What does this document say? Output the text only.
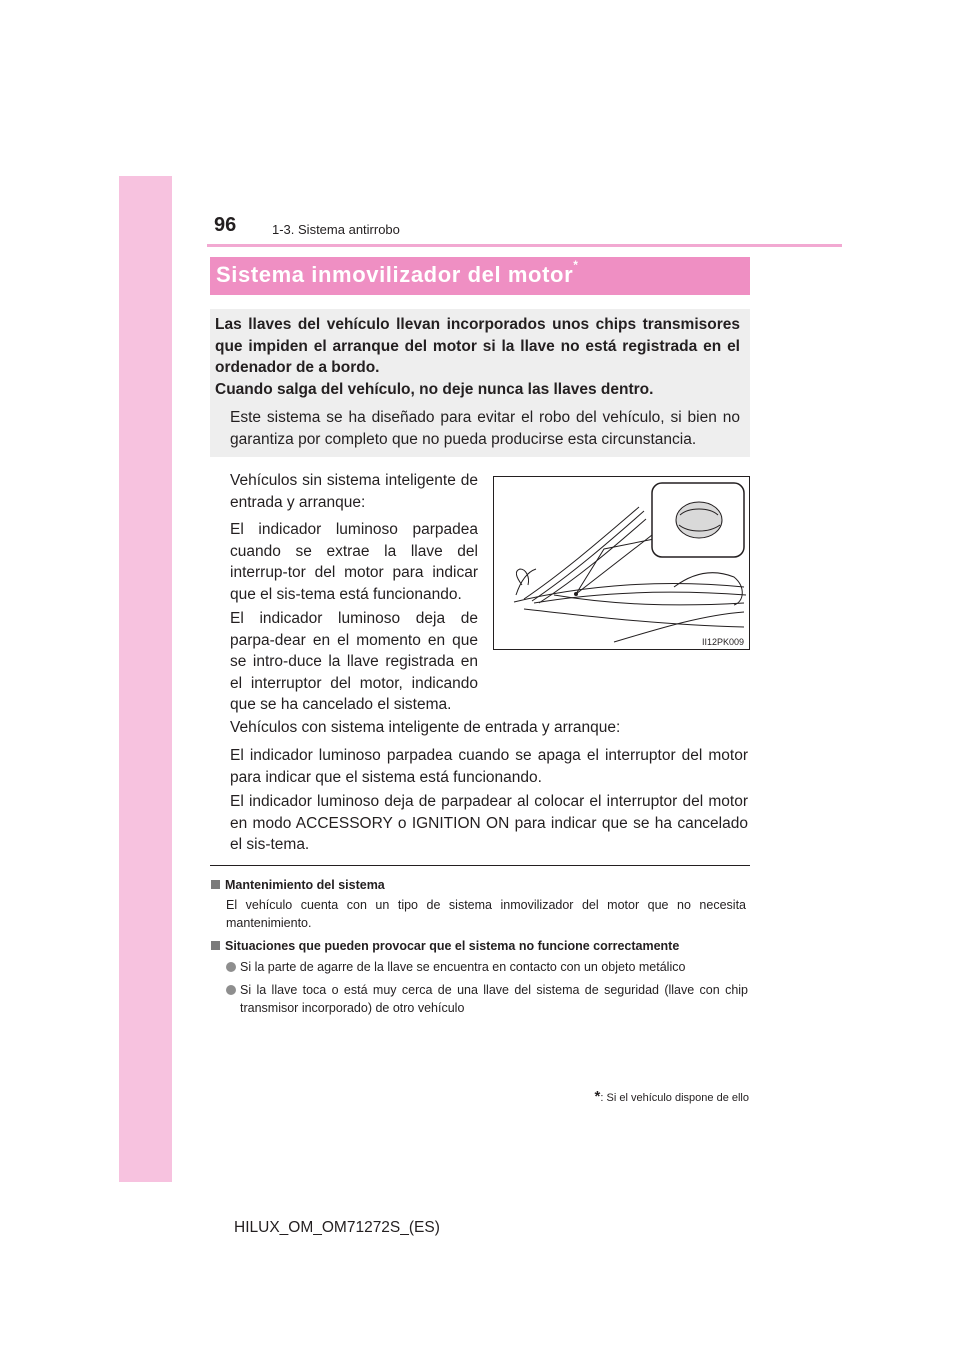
96	1-3. Sistema antirrobo
Sistema inmovilizador del motor*

Las llaves del vehículo llevan incorporados unos chips transmisores que impiden el arranque del motor si la llave no está registrada en el ordenador de a bordo.

Cuando salga del vehículo, no deje nunca las llaves dentro.

Este sistema se ha diseñado para evitar el robo del vehículo, si bien no garantiza por completo que no pueda producirse esta circunstancia.

Vehículos sin sistema inteligente de entrada y arranque:

El indicador luminoso parpadea cuando se extrae la llave del interrup-tor del motor para indicar que el sis-tema está funcionando.

El indicador luminoso deja de parpa-dear en el momento en que se intro-duce la llave registrada en el interruptor del motor, indicando que se ha cancelado el sistema.

Vehículos con sistema inteligente de entrada y arranque:

El indicador luminoso parpadea cuando se apaga el interruptor del motor para indicar que el sistema está funcionando.

El indicador luminoso deja de parpadear al colocar el interruptor del motor en modo ACCESSORY o IGNITION ON para indicar que se ha cancelado el sis-tema.

II12PK009

Mantenimiento del sistema

El vehículo cuenta con un tipo de sistema inmovilizador del motor que no necesita mantenimiento.

Situaciones que pueden provocar que el sistema no funcione correctamente

Si la parte de agarre de la llave se encuentra en contacto con un objeto metálico

Si la llave toca o está muy cerca de una llave del sistema de seguridad (llave con chip transmisor incorporado) de otro vehículo

*: Si el vehículo dispone de ello
HILUX_OM_OM71272S_(ES)
